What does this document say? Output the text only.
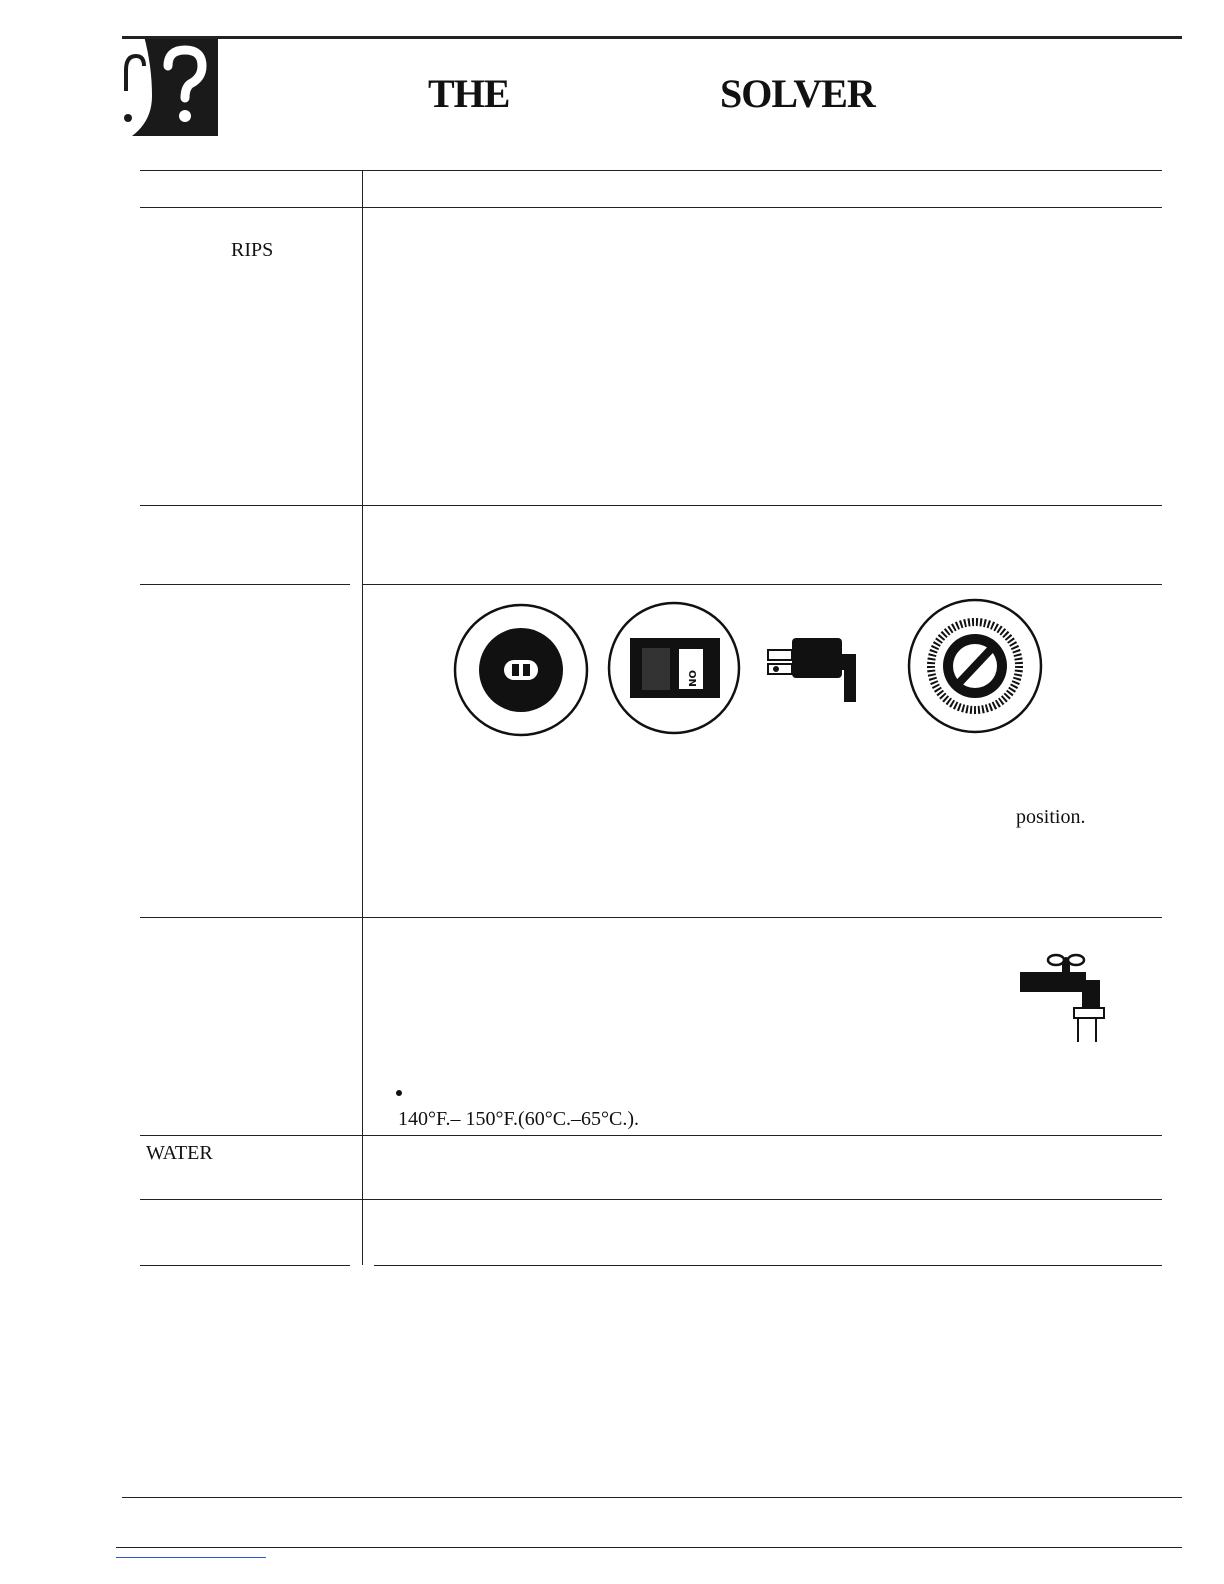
THE	SOLVER
RIPS
position.
140°F.– 150°F.(60°C.–65°C.).
WATER
ON
